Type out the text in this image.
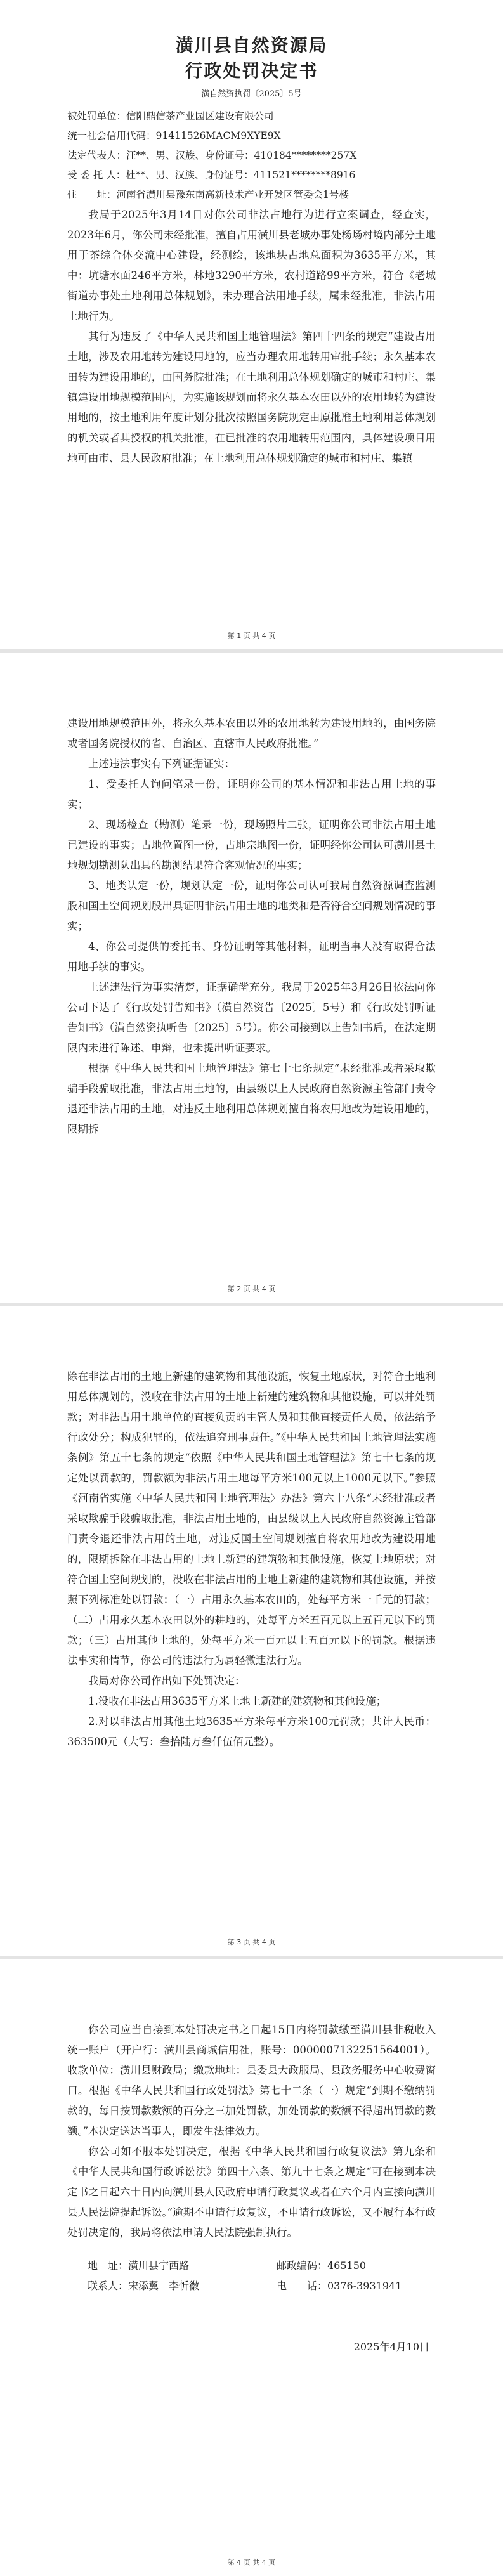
潢川县自然资源局
行政处罚决定书
潢自然资执罚〔2025〕5号

被处罚单位：信阳鼎信茶产业园区建设有限公司

统一社会信用代码：91411526MACM9XYE9X

法定代表人：汪**、男、汉族、身份证号：410184********257X

受 委 托 人：杜**、男、汉族、身份证号：411521********8916

住　　址：河南省潢川县豫东南高新技术产业开发区管委会1号楼

我局于2025年3月14日对你公司非法占地行为进行立案调查，经查实，2023年6月，你公司未经批准，擅自占用潢川县老城办事处杨场村境内部分土地用于茶综合体交流中心建设，经测绘，该地块占地总面积为3635平方米，其中：坑塘水面246平方米，林地3290平方米，农村道路99平方米，符合《老城街道办事处土地利用总体规划》，未办理合法用地手续，属未经批准，非法占用土地行为。

其行为违反了《中华人民共和国土地管理法》第四十四条的规定“建设占用土地，涉及农用地转为建设用地的，应当办理农用地转用审批手续；永久基本农田转为建设用地的，由国务院批准；在土地利用总体规划确定的城市和村庄、集镇建设用地规模范围内，为实施该规划而将永久基本农田以外的农用地转为建设用地的，按土地利用年度计划分批次按照国务院规定由原批准土地利用总体规划的机关或者其授权的机关批准，在已批准的农用地转用范围内，具体建设项目用地可由市、县人民政府批准；在土地利用总体规划确定的城市和村庄、集镇

第 1 页 共 4 页

建设用地规模范围外，将永久基本农田以外的农用地转为建设用地的，由国务院或者国务院授权的省、自治区、直辖市人民政府批准。”

上述违法事实有下列证据证实：

1、受委托人询问笔录一份，证明你公司的基本情况和非法占用土地的事实；

2、现场检查（勘测）笔录一份，现场照片二张，证明你公司非法占用土地已建设的事实；占地位置图一份，占地宗地图一份，证明经你公司认可潢川县土地规划勘测队出具的勘测结果符合客观情况的事实；

3、地类认定一份，规划认定一份，证明你公司认可我局自然资源调查监测股和国土空间规划股出具证明非法占用土地的地类和是否符合空间规划情况的事实；

4、你公司提供的委托书、身份证明等其他材料，证明当事人没有取得合法用地手续的事实。

上述违法行为事实清楚，证据确凿充分。我局于2025年3月26日依法向你公司下达了《行政处罚告知书》（潢自然资告〔2025〕5号）和《行政处罚听证告知书》（潢自然资执听告〔2025〕5号）。你公司接到以上告知书后，在法定期限内未进行陈述、申辩，也未提出听证要求。

根据《中华人民共和国土地管理法》第七十七条规定“未经批准或者采取欺骗手段骗取批准，非法占用土地的，由县级以上人民政府自然资源主管部门责令退还非法占用的土地，对违反土地利用总体规划擅自将农用地改为建设用地的，限期拆

第 2 页 共 4 页

除在非法占用的土地上新建的建筑物和其他设施，恢复土地原状，对符合土地利用总体规划的，没收在非法占用的土地上新建的建筑物和其他设施，可以并处罚款；对非法占用土地单位的直接负责的主管人员和其他直接责任人员，依法给予行政处分；构成犯罪的，依法追究刑事责任。”《中华人民共和国土地管理法实施条例》第五十七条的规定“依照《中华人民共和国土地管理法》第七十七条的规定处以罚款的，罚款额为非法占用土地每平方米100元以上1000元以下。”参照《河南省实施〈中华人民共和国土地管理法〉办法》第六十八条“未经批准或者采取欺骗手段骗取批准，非法占用土地的，由县级以上人民政府自然资源主管部门责令退还非法占用的土地，对违反国土空间规划擅自将农用地改为建设用地的，限期拆除在非法占用的土地上新建的建筑物和其他设施，恢复土地原状；对符合国土空间规划的，没收在非法占用的土地上新建的建筑物和其他设施，并按照下列标准处以罚款：（一）占用永久基本农田的，处每平方米一千元的罚款；（二）占用永久基本农田以外的耕地的，处每平方米五百元以上五百元以下的罚款；（三）占用其他土地的，处每平方米一百元以上五百元以下的罚款。根据违法事实和情节，你公司的违法行为属轻微违法行为。

我局对你公司作出如下处罚决定：

1.没收在非法占用3635平方米土地上新建的建筑物和其他设施；

2.对以非法占用其他土地3635平方米每平方米100元罚款；共计人民币：363500元（大写：叁拾陆万叁仟伍佰元整）。

第 3 页 共 4 页

你公司应当自接到本处罚决定书之日起15日内将罚款缴至潢川县非税收入统一账户（开户行：潢川县商城信用社，账号：0000007132251564001）。收款单位：潢川县财政局；缴款地址：县委县大政服局、县政务服务中心收费窗口。根据《中华人民共和国行政处罚法》第七十二条（一）规定“到期不缴纳罚款的，每日按罚款数额的百分之三加处罚款，加处罚款的数额不得超出罚款的数额。”本决定送达当事人，即发生法律效力。

你公司如不服本处罚决定，根据《中华人民共和国行政复议法》第九条和《中华人民共和国行政诉讼法》第四十六条、第九十七条之规定“可在接到本决定书之日起六十日内向潢川县人民政府申请行政复议或者在六个月内直接向潢川县人民法院提起诉讼。”逾期不申请行政复议，不申请行政诉讼，又不履行本行政处罚决定的，我局将依法申请人民法院强制执行。

地　址：潢川县宁西路	邮政编码：465150
联系人：宋添翼　李忻徽	电　　话：0376-3931941
2025年4月10日
第 4 页 共 4 页
